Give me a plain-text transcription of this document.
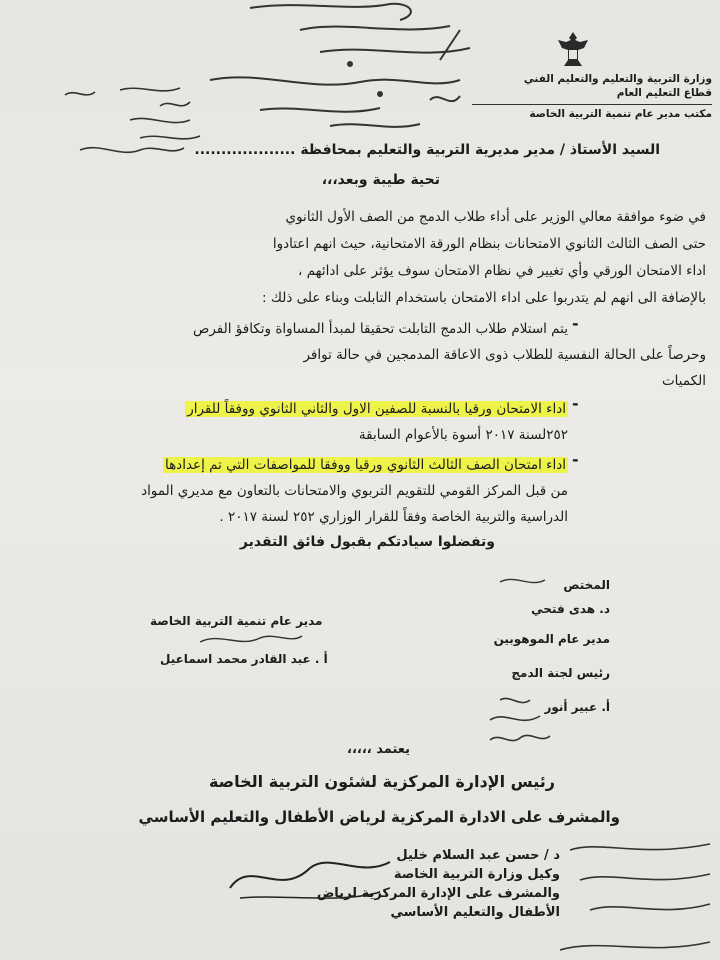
وزارة التربية والتعليم والتعليم الفني
قطاع التعليم العام
مكتب مدير عام تنمية التربية الخاصة
السيد الأستاذ / مدير مديرية التربية والتعليم بمحافظة ...................
تحية طيبة وبعد،،،
في ضوء موافقة معالي الوزير على أداء طلاب الدمج من الصف الأول الثانوي
حتى الصف الثالث الثانوي الامتحانات بنظام الورقة الامتحانية، حيث انهم اعتادوا
اداء الامتحان الورقي وأي تغيير في نظام الامتحان سوف يؤثر على ادائهم ،
بالإضافة الى انهم لم يتدربوا على اداء الامتحان باستخدام التابلت وبناء على ذلك :
-
يتم استلام طلاب الدمج التابلت تحقيقا لمبدأ المساواة وتكافؤ الفرص
وحرصاً على الحالة النفسية للطلاب ذوى الاعاقة المدمجين في حالة توافر
الكميات
-
اداء الامتحان ورقيا بالنسبة للصفين الاول والثاني الثانوي ووفقاً للقرار
٢٥٢لسنة ٢٠١٧ أسوة بالأعوام السابقة
-
اداء امتحان الصف الثالث الثانوي ورقيا ووفقا للمواصفات التي تم إعدادها
من قبل المركز القومي للتقويم التربوي والامتحانات بالتعاون مع مديري المواد
الدراسية والتربية الخاصة وفقاً للقرار الوزاري ٢٥٢ لسنة ٢٠١٧ .
وتفضلوا سيادتكم بقبول فائق التقدير
المختص
د. هدى فتحي
مدير عام الموهوبين
رئيس لجنة الدمج
أ. عبير أنور
مدير عام تنمية التربية الخاصة
أ . عبد القادر محمد اسماعيل
يعتمد ،،،،،
رئيس الإدارة المركزية لشئون التربية الخاصة
والمشرف على الادارة المركزية لرياض الأطفال والتعليم الأساسي
د / حسن عبد السلام خليل
وكيل وزارة التربية الخاصة
والمشرف على الإدارة المركزية لرياض
الأطفال والتعليم الأساسي
